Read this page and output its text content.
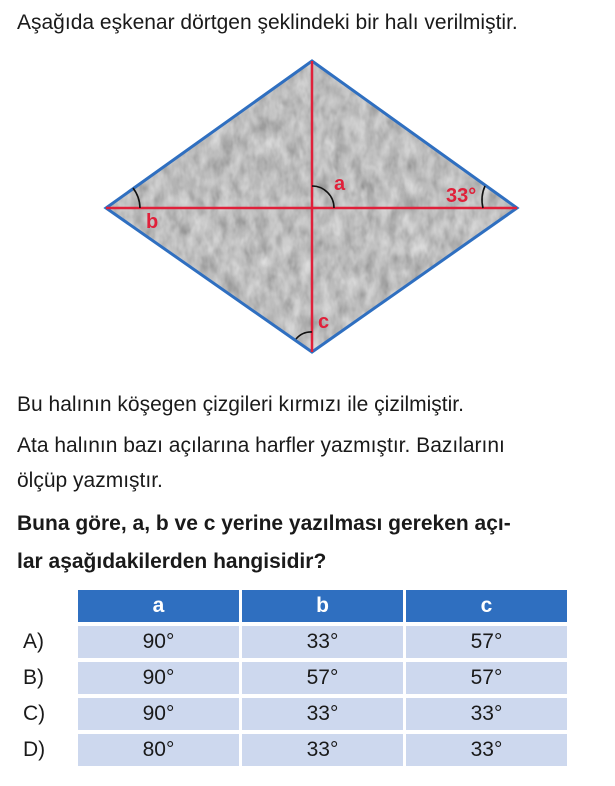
Aşağıda eşkenar dörtgen şeklindeki bir halı verilmiştir.
a
b
33°
c
Bu halının köşegen çizgileri kırmızı ile çizilmiştir.
Ata halının bazı açılarına harfler yazmıştır. Bazılarını
ölçüp yazmıştır.
Buna göre, a, b ve c yerine yazılması gereken açı-
lar aşağıdakilerden hangisidir?
	a	b	c
A)	90°	33°	57°
B)	90°	57°	57°
C)	90°	33°	33°
D)	80°	33°	33°
